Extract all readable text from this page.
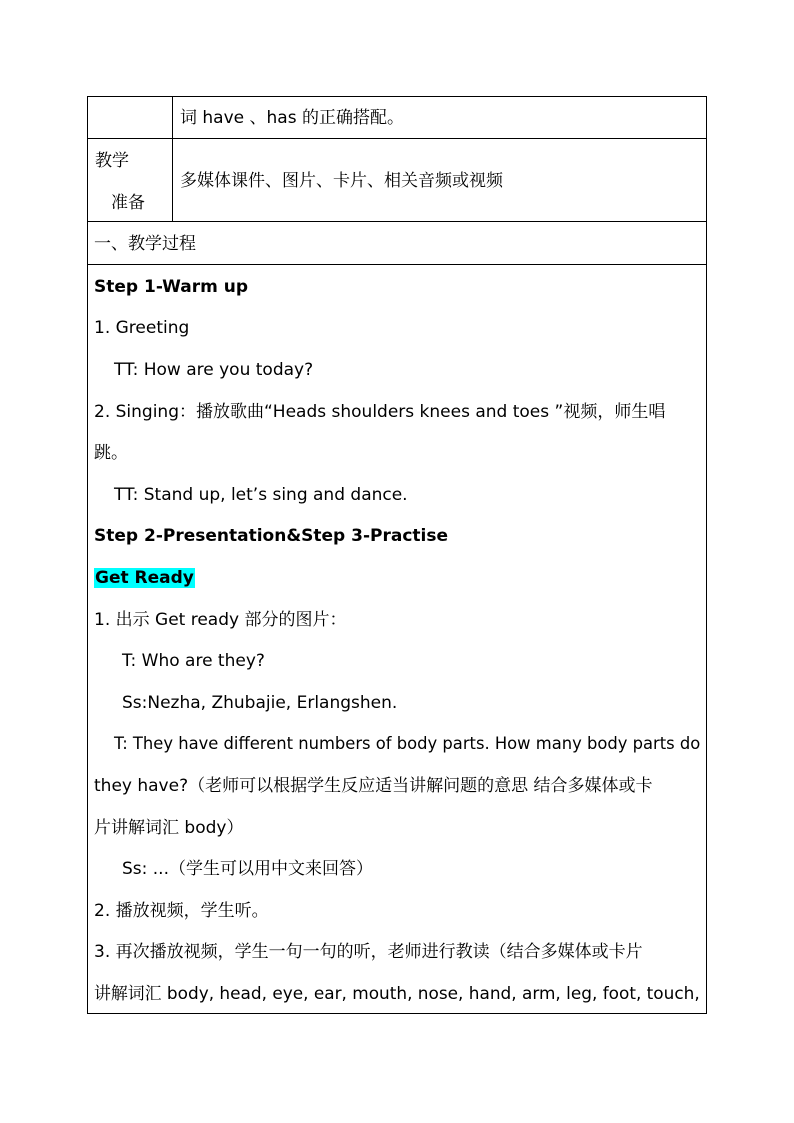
词 have 、has 的正确搭配。
教学
准备
多媒体课件、图片、卡片、相关音频或视频
一、教学过程
Step 1-Warm up
1. Greeting
TT: How are you today?
2. Singing：播放歌曲“Heads shoulders knees and toes ”视频，师生唱
跳。
TT: Stand up, let’s sing and dance.
Step 2-Presentation&Step 3-Practise
Get Ready
1. 出示 Get ready 部分的图片：
T: Who are they?
Ss:Nezha, Zhubajie, Erlangshen.
T: They have different numbers of body parts. How many body parts do
they have?（老师可以根据学生反应适当讲解问题的意思 结合多媒体或卡
片讲解词汇 body）
Ss: ...（学生可以用中文来回答）
2. 播放视频，学生听。
3. 再次播放视频，学生一句一句的听，老师进行教读（结合多媒体或卡片
讲解词汇 body, head, eye, ear, mouth, nose, hand, arm, leg, foot, touch,
